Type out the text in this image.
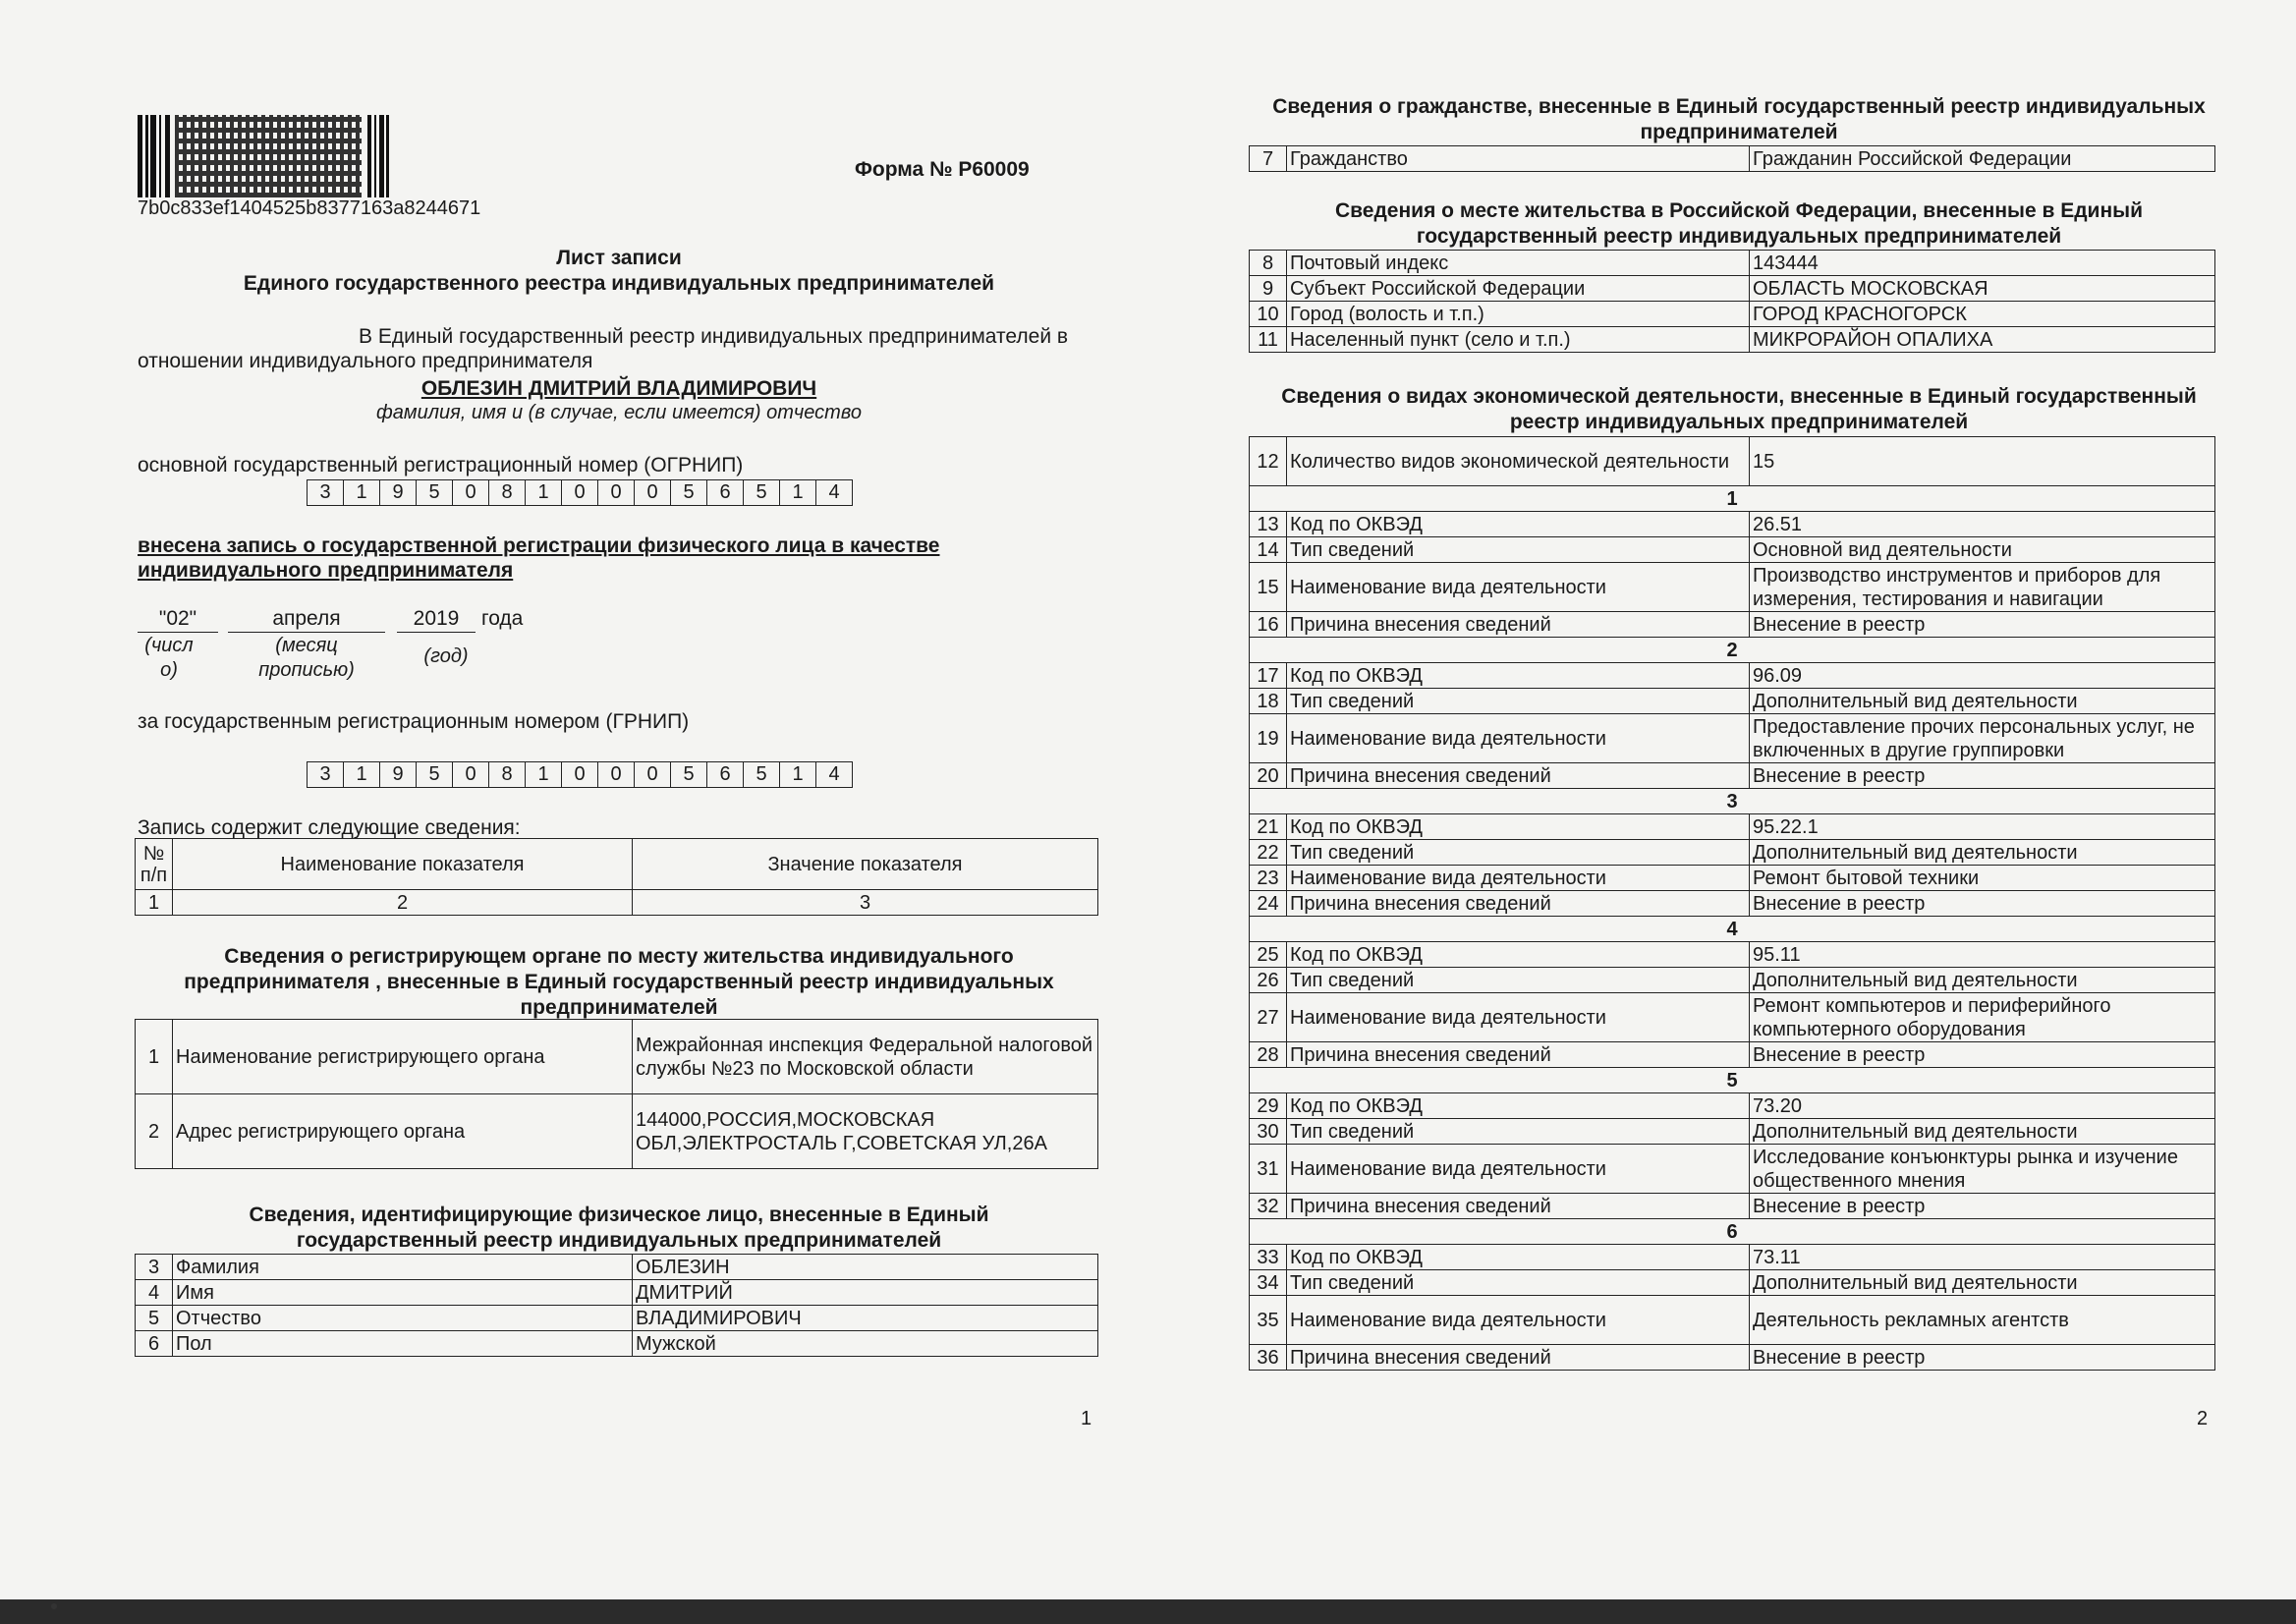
7b0c833ef1404525b8377163a8244671
Форма № Р60009
Лист записи
Единого государственного реестра индивидуальных предпринимателей
В Единый государственный реестр индивидуальных предпринимателей в
отношении индивидуального предпринимателя
ОБЛЕЗИН ДМИТРИЙ ВЛАДИМИРОВИЧ
фамилия, имя и (в случае, если имеется) отчество
основной государственный регистрационный номер (ОГРНИП)
3	1	9	5	0	8	1	0	0	0	5	6	5	1	4
внесена запись о государственной регистрации физического лица в качестве
индивидуального предпринимателя
"02"	апреля	2019	года
(числ
о)
(месяц
прописью)
(год)
за государственным регистрационным номером (ГРНИП)
3	1	9	5	0	8	1	0	0	0	5	6	5	1	4
Запись содержит следующие сведения:
№ п/п	Наименование показателя	Значение показателя
1	2	3
Сведения о регистрирующем органе по месту жительства индивидуального предпринимателя , внесенные в Единый государственный реестр индивидуальных предпринимателей
1	Наименование регистрирующего органа	Межрайонная инспекция Федеральной налоговой службы №23 по Московской области
2	Адрес регистрирующего органа	144000,РОССИЯ,МОСКОВСКАЯ ОБЛ,ЭЛЕКТРОСТАЛЬ Г,СОВЕТСКАЯ УЛ,26А
Сведения, идентифицирующие физическое лицо, внесенные в Единый государственный реестр индивидуальных предпринимателей
3	Фамилия	ОБЛЕЗИН
4	Имя	ДМИТРИЙ
5	Отчество	ВЛАДИМИРОВИЧ
6	Пол	Мужской
1
Сведения о гражданстве, внесенные в Единый государственный реестр индивидуальных предпринимателей
7	Гражданство	Гражданин Российской Федерации
Сведения о месте жительства в Российской Федерации, внесенные в Единый государственный реестр индивидуальных предпринимателей
8	Почтовый индекс	143444
9	Субъект Российской Федерации	ОБЛАСТЬ МОСКОВСКАЯ
10	Город (волость и т.п.)	ГОРОД КРАСНОГОРСК
11	Населенный пункт (село и т.п.)	МИКРОРАЙОН ОПАЛИХА
Сведения о видах экономической деятельности, внесенные в Единый государственный реестр индивидуальных предпринимателей
12	Количество видов экономической деятельности	15
1		
13	Код по ОКВЭД	26.51
14	Тип сведений	Основной вид деятельности
15	Наименование вида деятельности	Производство инструментов и приборов для измерения, тестирования и навигации
16	Причина внесения сведений	Внесение в реестр
2		
17	Код по ОКВЭД	96.09
18	Тип сведений	Дополнительный вид деятельности
19	Наименование вида деятельности	Предоставление прочих персональных услуг, не включенных в другие группировки
20	Причина внесения сведений	Внесение в реестр
3		
21	Код по ОКВЭД	95.22.1
22	Тип сведений	Дополнительный вид деятельности
23	Наименование вида деятельности	Ремонт бытовой техники
24	Причина внесения сведений	Внесение в реестр
4		
25	Код по ОКВЭД	95.11
26	Тип сведений	Дополнительный вид деятельности
27	Наименование вида деятельности	Ремонт компьютеров и периферийного компьютерного оборудования
28	Причина внесения сведений	Внесение в реестр
5		
29	Код по ОКВЭД	73.20
30	Тип сведений	Дополнительный вид деятельности
31	Наименование вида деятельности	Исследование конъюнктуры рынка и изучение общественного мнения
32	Причина внесения сведений	Внесение в реестр
6		
33	Код по ОКВЭД	73.11
34	Тип сведений	Дополнительный вид деятельности
35	Наименование вида деятельности	Деятельность рекламных агентств
36	Причина внесения сведений	Внесение в реестр
2
